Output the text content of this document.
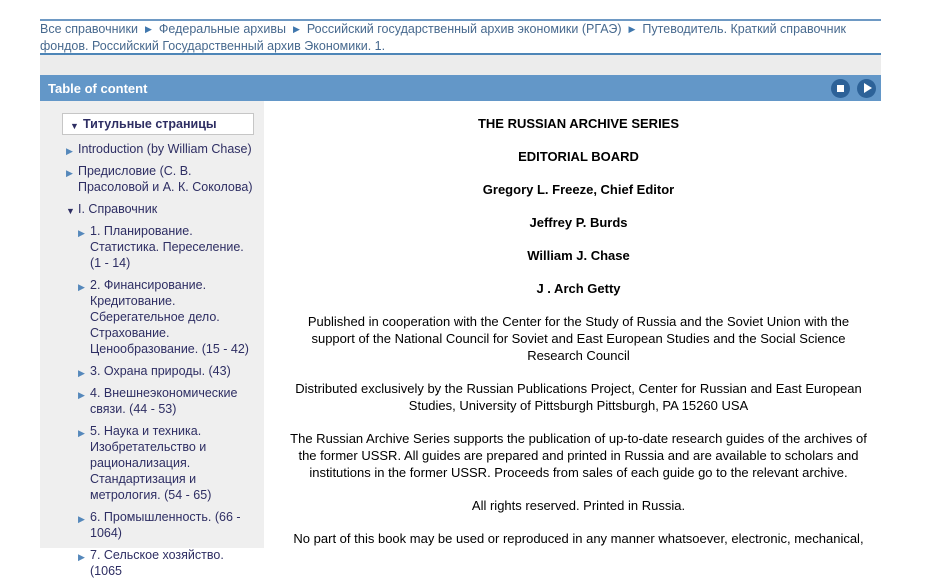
Все справочники ▶ Федеральные архивы ▶ Российский государственный архив экономики (РГАЭ) ▶ Путеводитель. Краткий справочник фондов. Российский Государственный архив Экономики. 1.
Table of content
▼ Титульные страницы
▶ Introduction (by William Chase)
▶ Предисловие (С. В. Прасоловой и А. К. Соколова)
▼ I. Справочник
▶ 1. Планирование. Статистика. Переселение. (1 - 14)
▶ 2. Финансирование. Кредитование. Сберегательное дело. Страхование. Ценообразование. (15 - 42)
▶ 3. Охрана природы. (43)
▶ 4. Внешнеэкономические связи. (44 - 53)
▶ 5. Наука и техника. Изобретательство и рационализация. Стандартизация и метрология. (54 - 65)
▶ 6. Промышленность. (66 - 1064)
▶ 7. Сельское хозяйство. (1065

THE RUSSIAN ARCHIVE SERIES

EDITORIAL BOARD

Gregory L. Freeze, Chief Editor

Jeffrey P. Burds

William J. Chase

J . Arch Getty

Published in cooperation with the Center for the Study of Russia and the Soviet Union with the support of the National Council for Soviet and East European Studies and the Social Science Research Council

Distributed exclusively by the Russian Publications Project, Center for Russian and East European Studies, University of Pittsburgh Pittsburgh, PA 15260 USA

The Russian Archive Series supports the publication of up-to-date research guides of the archives of the former USSR. All guides are prepared and printed in Russia and are available to scholars and institutions in the former USSR. Proceeds from sales of each guide go to the relevant archive.

All rights reserved. Printed in Russia.

No part of this book may be used or reproduced in any manner whatsoever, electronic, mechanical,
